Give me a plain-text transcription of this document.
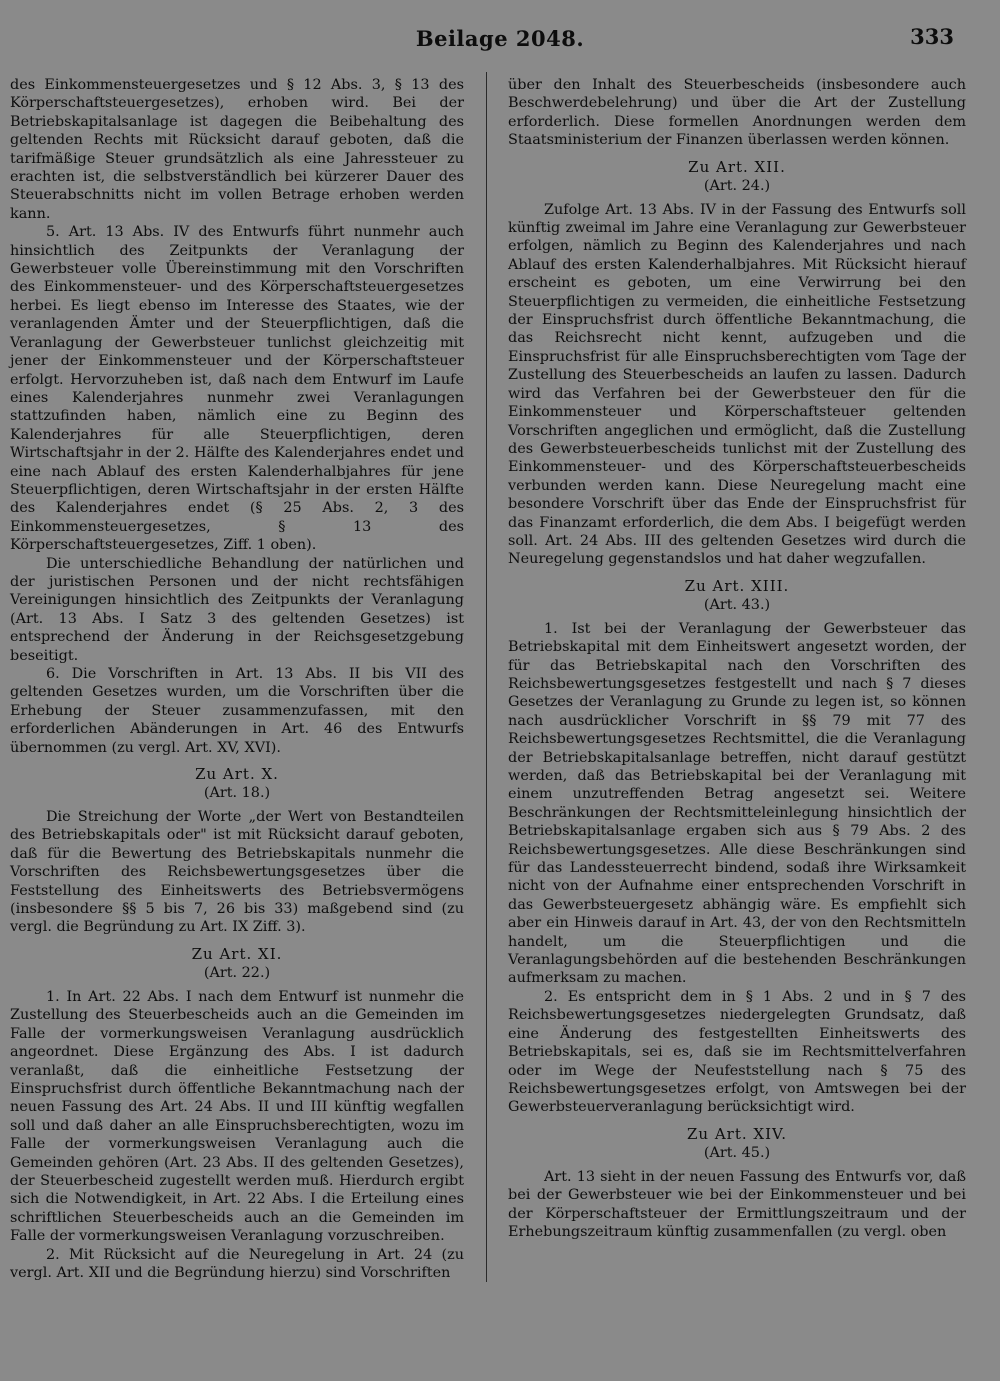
Beilage 2048.	333

des Einkommensteuergesetzes und § 12 Abs. 3, § 13 des Körperschaftsteuergesetzes), erhoben wird. Bei der Betriebskapitalsanlage ist dagegen die Beibehaltung des geltenden Rechts mit Rücksicht darauf geboten, daß die tarifmäßige Steuer grundsätzlich als eine Jahressteuer zu erachten ist, die selbstverständlich bei kürzerer Dauer des Steuerabschnitts nicht im vollen Betrage erhoben werden kann.

5. Art. 13 Abs. IV des Entwurfs führt nunmehr auch hinsichtlich des Zeitpunkts der Veranlagung der Gewerbsteuer volle Übereinstimmung mit den Vorschriften des Einkommensteuer- und des Körperschaftsteuergesetzes herbei. Es liegt ebenso im Interesse des Staates, wie der veranlagenden Ämter und der Steuerpflichtigen, daß die Veranlagung der Gewerbsteuer tunlichst gleichzeitig mit jener der Einkommensteuer und der Körperschaftsteuer erfolgt. Hervorzuheben ist, daß nach dem Entwurf im Laufe eines Kalenderjahres nunmehr zwei Veranlagungen stattzufinden haben, nämlich eine zu Beginn des Kalenderjahres für alle Steuerpflichtigen, deren Wirtschaftsjahr in der 2. Hälfte des Kalenderjahres endet und eine nach Ablauf des ersten Kalenderhalbjahres für jene Steuerpflichtigen, deren Wirtschaftsjahr in der ersten Hälfte des Kalenderjahres endet (§ 25 Abs. 2, 3 des Einkommensteuergesetzes, § 13 des Körperschaftsteuergesetzes, Ziff. 1 oben).

Die unterschiedliche Behandlung der natürlichen und der juristischen Personen und der nicht rechtsfähigen Vereinigungen hinsichtlich des Zeitpunkts der Veranlagung (Art. 13 Abs. I Satz 3 des geltenden Gesetzes) ist entsprechend der Änderung in der Reichsgesetzgebung beseitigt.

6. Die Vorschriften in Art. 13 Abs. II bis VII des geltenden Gesetzes wurden, um die Vorschriften über die Erhebung der Steuer zusammenzufassen, mit den erforderlichen Abänderungen in Art. 46 des Entwurfs übernommen (zu vergl. Art. XV, XVI).

Zu Art. X.
(Art. 18.)

Die Streichung der Worte „der Wert von Bestandteilen des Betriebskapitals oder" ist mit Rücksicht darauf geboten, daß für die Bewertung des Betriebskapitals nunmehr die Vorschriften des Reichsbewertungsgesetzes über die Feststellung des Einheitswerts des Betriebsvermögens (insbesondere §§ 5 bis 7, 26 bis 33) maßgebend sind (zu vergl. die Begründung zu Art. IX Ziff. 3).

Zu Art. XI.
(Art. 22.)

1. In Art. 22 Abs. I nach dem Entwurf ist nunmehr die Zustellung des Steuerbescheids auch an die Gemeinden im Falle der vormerkungsweisen Veranlagung ausdrücklich angeordnet. Diese Ergänzung des Abs. I ist dadurch veranlaßt, daß die einheitliche Festsetzung der Einspruchsfrist durch öffentliche Bekanntmachung nach der neuen Fassung des Art. 24 Abs. II und III künftig wegfallen soll und daß daher an alle Einspruchsberechtigten, wozu im Falle der vormerkungsweisen Veranlagung auch die Gemeinden gehören (Art. 23 Abs. II des geltenden Gesetzes), der Steuerbescheid zugestellt werden muß. Hierdurch ergibt sich die Notwendigkeit, in Art. 22 Abs. I die Erteilung eines schriftlichen Steuerbescheids auch an die Gemeinden im Falle der vormerkungsweisen Veranlagung vorzuschreiben.

2. Mit Rücksicht auf die Neuregelung in Art. 24 (zu vergl. Art. XII und die Begründung hierzu) sind Vorschriften

über den Inhalt des Steuerbescheids (insbesondere auch Beschwerdebelehrung) und über die Art der Zustellung erforderlich. Diese formellen Anordnungen werden dem Staatsministerium der Finanzen überlassen werden können.

Zu Art. XII.
(Art. 24.)

Zufolge Art. 13 Abs. IV in der Fassung des Entwurfs soll künftig zweimal im Jahre eine Veranlagung zur Gewerbsteuer erfolgen, nämlich zu Beginn des Kalenderjahres und nach Ablauf des ersten Kalenderhalbjahres. Mit Rücksicht hierauf erscheint es geboten, um eine Verwirrung bei den Steuerpflichtigen zu vermeiden, die einheitliche Festsetzung der Einspruchsfrist durch öffentliche Bekanntmachung, die das Reichsrecht nicht kennt, aufzugeben und die Einspruchsfrist für alle Einspruchsberechtigten vom Tage der Zustellung des Steuerbescheids an laufen zu lassen. Dadurch wird das Verfahren bei der Gewerbsteuer den für die Einkommensteuer und Körperschaftsteuer geltenden Vorschriften angeglichen und ermöglicht, daß die Zustellung des Gewerbsteuerbescheids tunlichst mit der Zustellung des Einkommensteuer- und des Körperschaftsteuerbescheids verbunden werden kann. Diese Neuregelung macht eine besondere Vorschrift über das Ende der Einspruchsfrist für das Finanzamt erforderlich, die dem Abs. I beigefügt werden soll. Art. 24 Abs. III des geltenden Gesetzes wird durch die Neuregelung gegenstandslos und hat daher wegzufallen.

Zu Art. XIII.
(Art. 43.)

1. Ist bei der Veranlagung der Gewerbsteuer das Betriebskapital mit dem Einheitswert angesetzt worden, der für das Betriebskapital nach den Vorschriften des Reichsbewertungsgesetzes festgestellt und nach § 7 dieses Gesetzes der Veranlagung zu Grunde zu legen ist, so können nach ausdrücklicher Vorschrift in §§ 79 mit 77 des Reichsbewertungsgesetzes Rechtsmittel, die die Veranlagung der Betriebskapitalsanlage betreffen, nicht darauf gestützt werden, daß das Betriebskapital bei der Veranlagung mit einem unzutreffenden Betrag angesetzt sei. Weitere Beschränkungen der Rechtsmitteleinlegung hinsichtlich der Betriebskapitalsanlage ergaben sich aus § 79 Abs. 2 des Reichsbewertungsgesetzes. Alle diese Beschränkungen sind für das Landessteuerrecht bindend, sodaß ihre Wirksamkeit nicht von der Aufnahme einer entsprechenden Vorschrift in das Gewerbsteuergesetz abhängig wäre. Es empfiehlt sich aber ein Hinweis darauf in Art. 43, der von den Rechtsmitteln handelt, um die Steuerpflichtigen und die Veranlagungsbehörden auf die bestehenden Beschränkungen aufmerksam zu machen.

2. Es entspricht dem in § 1 Abs. 2 und in § 7 des Reichsbewertungsgesetzes niedergelegten Grundsatz, daß eine Änderung des festgestellten Einheitswerts des Betriebskapitals, sei es, daß sie im Rechtsmittelverfahren oder im Wege der Neufeststellung nach § 75 des Reichsbewertungsgesetzes erfolgt, von Amtswegen bei der Gewerbsteuerveranlagung berücksichtigt wird.

Zu Art. XIV.
(Art. 45.)

Art. 13 sieht in der neuen Fassung des Entwurfs vor, daß bei der Gewerbsteuer wie bei der Einkommensteuer und bei der Körperschaftsteuer der Ermittlungszeitraum und der Erhebungszeitraum künftig zusammenfallen (zu vergl. oben
